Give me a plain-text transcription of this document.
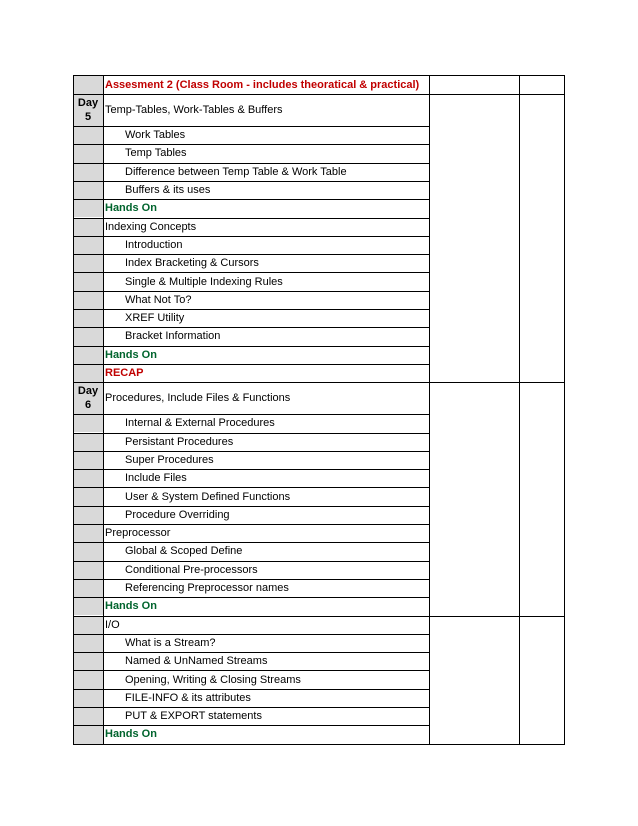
Assesment 2 (Class Room - includes theoratical & practical)
Day
5
Temp-Tables, Work-Tables & Buffers
Work Tables
Temp Tables
Difference between Temp Table & Work Table
Buffers & its uses
Hands On
Indexing Concepts
Introduction
Index Bracketing & Cursors
Single & Multiple Indexing Rules
What Not To?
XREF Utility
Bracket Information
Hands On
RECAP
Day
6
Procedures, Include Files & Functions
Internal & External Procedures
Persistant Procedures
Super Procedures
Include Files
User & System Defined Functions
Procedure Overriding
Preprocessor
Global & Scoped Define
Conditional Pre-processors
Referencing Preprocessor names
Hands On
I/O
What is a Stream?
Named & UnNamed Streams
Opening, Writing & Closing Streams
FILE-INFO & its attributes
PUT & EXPORT statements
Hands On
